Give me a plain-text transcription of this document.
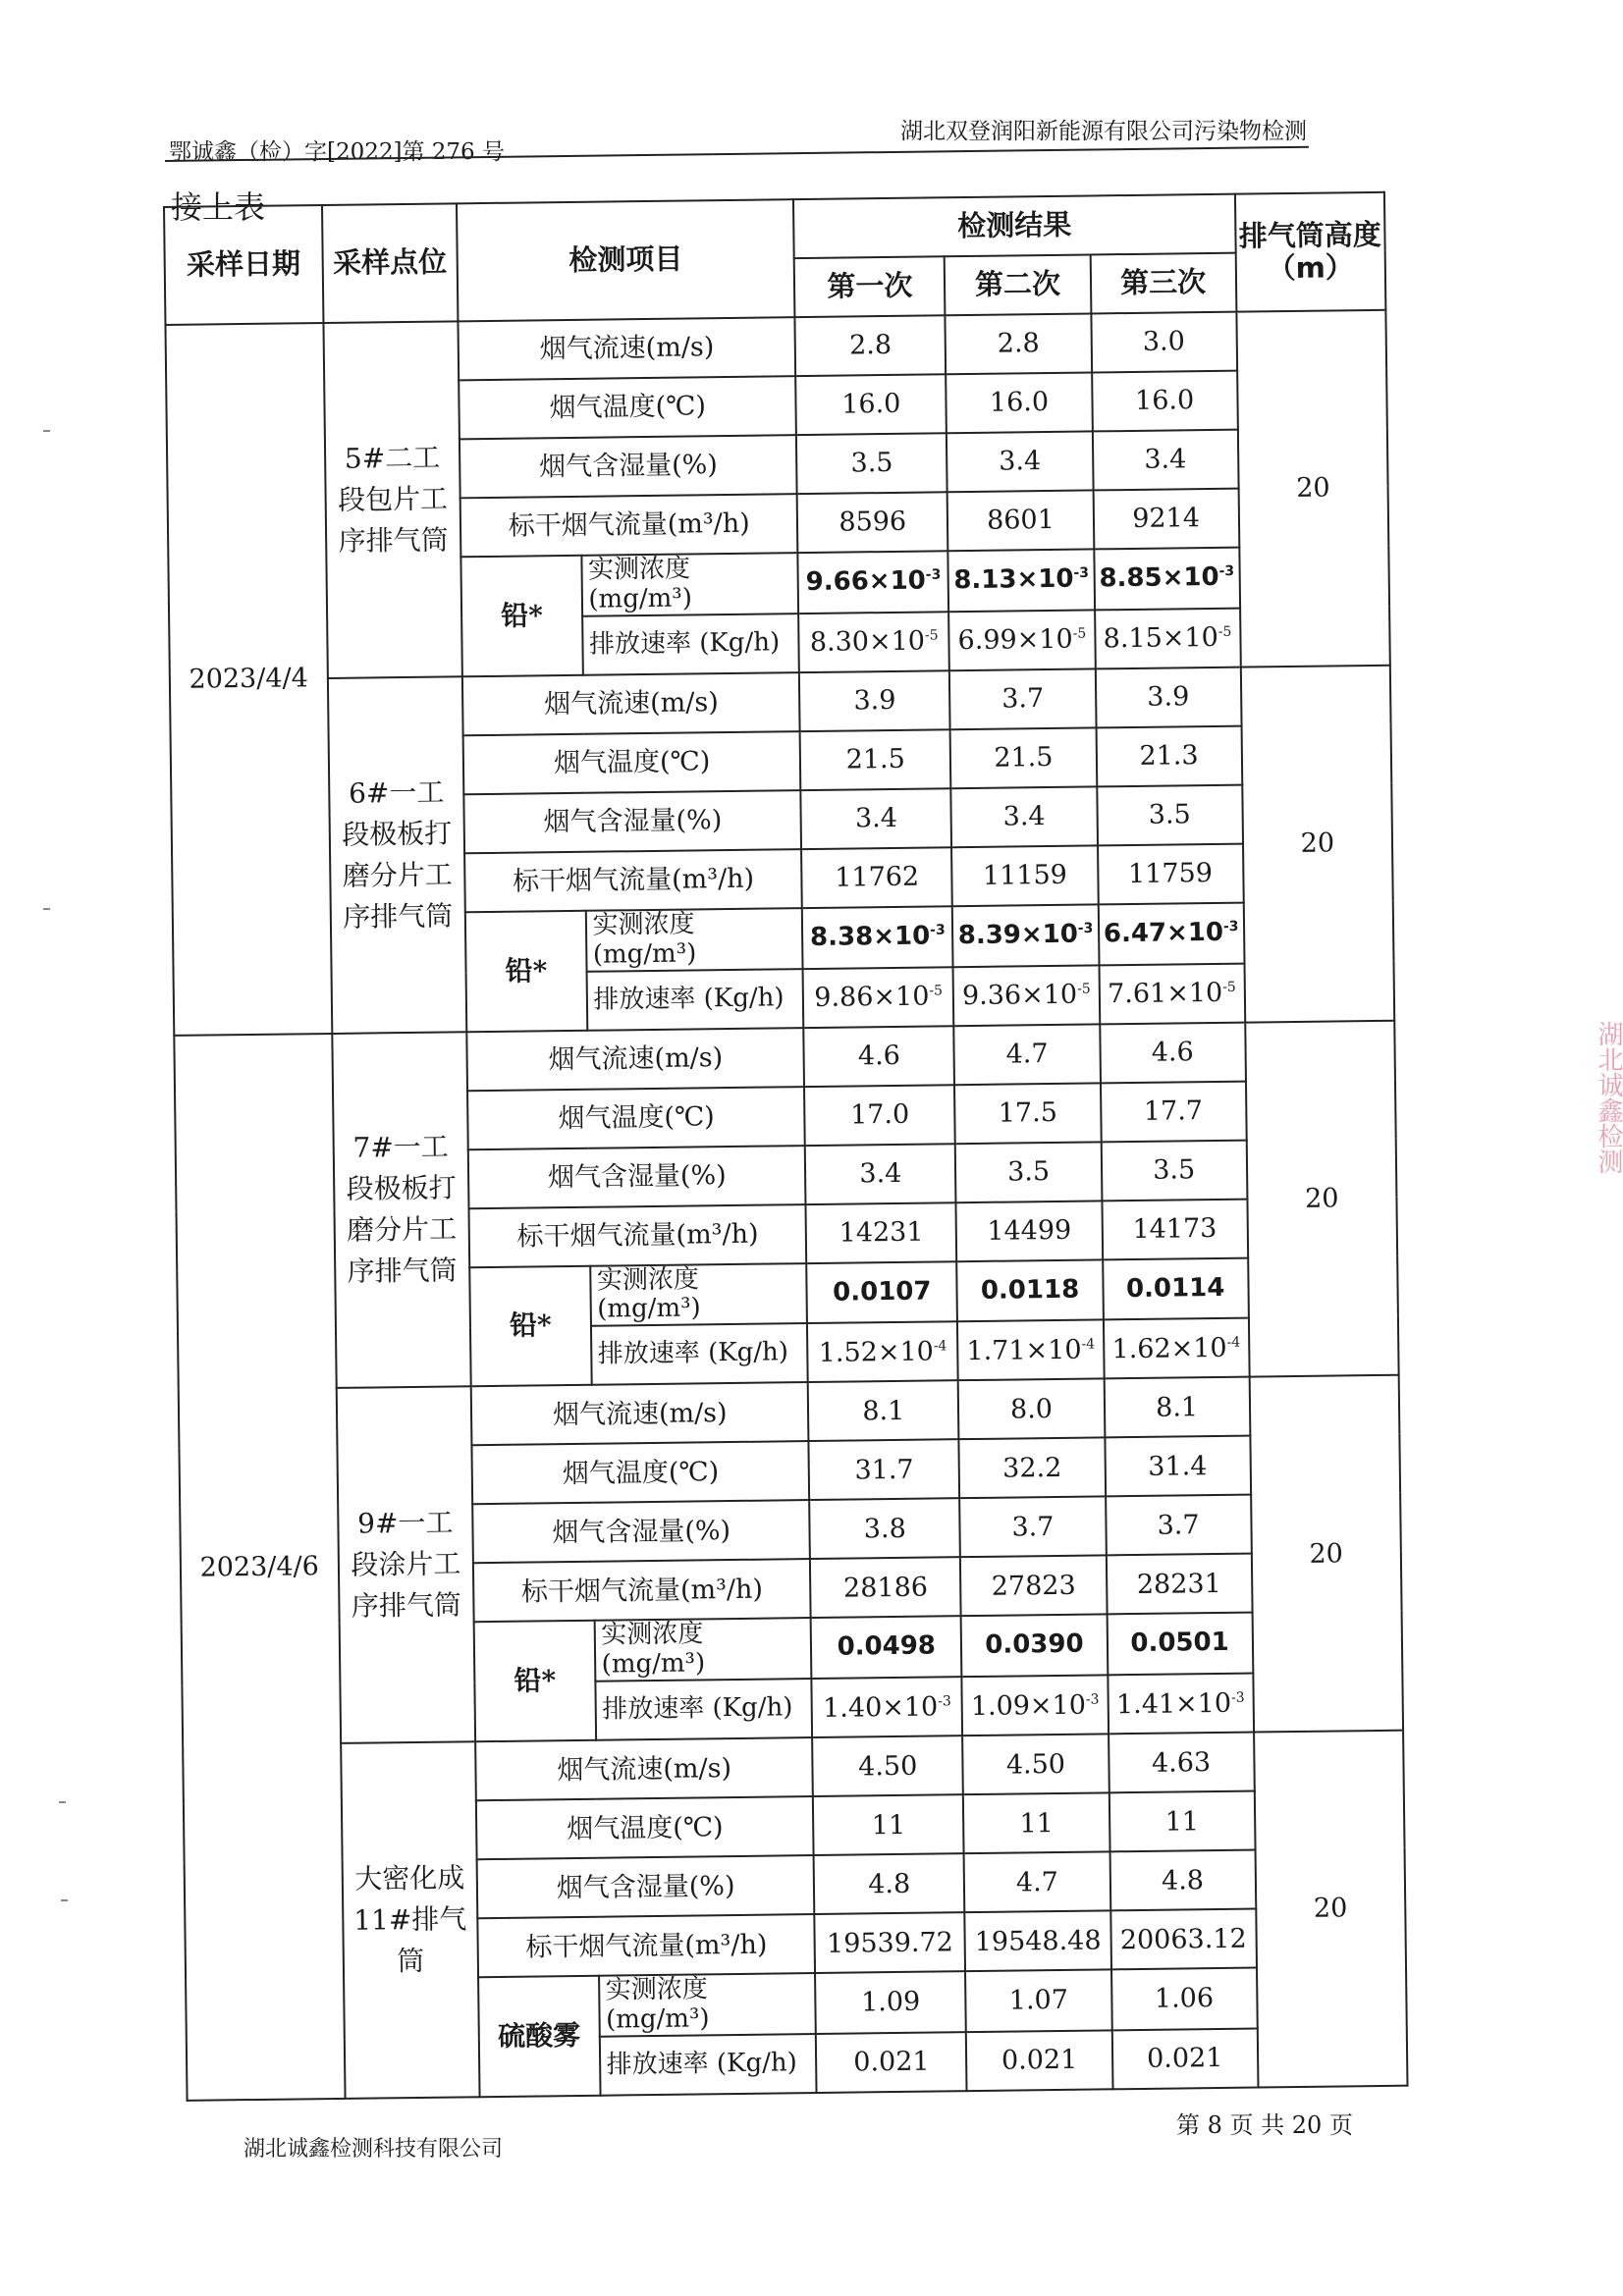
鄂诚鑫（检）字[2022]第 276 号
湖北双登润阳新能源有限公司污染物检测
接上表
采样日期	采样点位	检测项目		检测结果			排气筒高度（m）
				第一次	第二次	第三次	
2023/4/4	5#二工段包片工序排气筒	烟气流速(m/s)		2.8	2.8	3.0	20
		烟气温度(℃)		16.0	16.0	16.0	
		烟气含湿量(%)		3.5	3.4	3.4	
		标干烟气流量(m³/h)		8596	8601	9214	
		铅*	实测浓度 (mg/m³)	$9.66\times 10^{-3}$	$8.13\times 10^{-3}$	$8.85\times 10^{-3}$
			排放速率 (Kg/h)	$8.30\times 10^{-5}$	$6.99\times 10^{-5}$	$8.15\times 10^{-5}$
	6#一工段极板打磨分片工序排气筒	烟气流速(m/s)		3.9	3.7	3.9	20
		烟气温度(℃)		21.5	21.5	21.3	
		烟气含湿量(%)		3.4	3.4	3.5	
		标干烟气流量(m³/h)		11762	11159	11759	
		铅*	实测浓度 (mg/m³)	$8.38\times 10^{-3}$	$8.39\times 10^{-3}$	$6.47\times 10^{-3}$
			排放速率 (Kg/h)	$9.86\times 10^{-5}$	$9.36\times 10^{-5}$	$7.61\times 10^{-5}$
2023/4/6	7#一工段极板打磨分片工序排气筒	烟气流速(m/s)		4.6	4.7	4.6	20
		烟气温度(℃)		17.0	17.5	17.7	
		烟气含湿量(%)		3.4	3.5	3.5	
		标干烟气流量(m³/h)		14231	14499	14173	
		铅*	实测浓度 (mg/m³)	0.0107	0.0118	0.0114	
			排放速率 (Kg/h)	$1.52\times 10^{-4}$	$1.71\times 10^{-4}$	$1.62\times 10^{-4}$
	9#一工段涂片工序排气筒	烟气流速(m/s)		8.1	8.0	8.1	20
		烟气温度(℃)		31.7	32.2	31.4	
		烟气含湿量(%)		3.8	3.7	3.7	
		标干烟气流量(m³/h)		28186	27823	28231	
		铅*	实测浓度 (mg/m³)	0.0498	0.0390	0.0501	
			排放速率 (Kg/h)	$1.40\times 10^{-3}$	$1.09\times 10^{-3}$	$1.41\times 10^{-3}$
	大密化成11#排气筒	烟气流速(m/s)		4.50	4.50	4.63	20
		烟气温度(℃)		11	11	11	
		烟气含湿量(%)		4.8	4.7	4.8	
		标干烟气流量(m³/h)		19539.72	19548.48	20063.12	
		硫酸雾	实测浓度 (mg/m³)	1.09	1.07	1.06	
			排放速率 (Kg/h)	0.021	0.021	0.021	
湖北诚鑫检测科技有限公司
第 8 页 共 20 页
湖北诚鑫检测
